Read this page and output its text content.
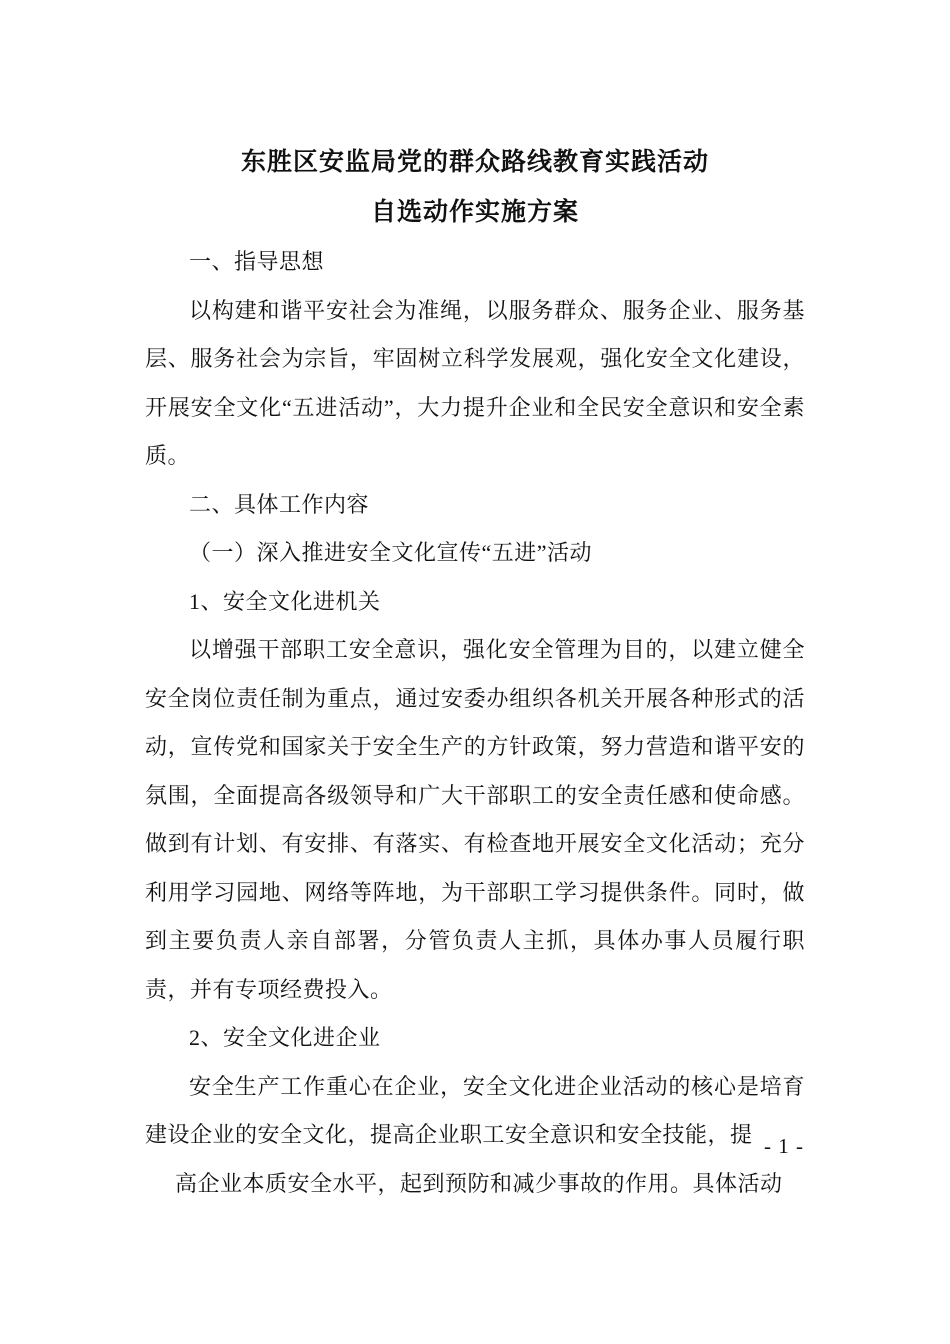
东胜区安监局党的群众路线教育实践活动
自选动作实施方案
一、指导思想
以构建和谐平安社会为准绳，以服务群众、服务企业、服务基层、服务社会为宗旨，牢固树立科学发展观，强化安全文化建设，开展安全文化“五进活动”，大力提升企业和全民安全意识和安全素质。
二、具体工作内容
（一）深入推进安全文化宣传“五进”活动
1、安全文化进机关
以增强干部职工安全意识，强化安全管理为目的，以建立健全安全岗位责任制为重点，通过安委办组织各机关开展各种形式的活动，宣传党和国家关于安全生产的方针政策，努力营造和谐平安的氛围，全面提高各级领导和广大干部职工的安全责任感和使命感。做到有计划、有安排、有落实、有检查地开展安全文化活动；充分利用学习园地、网络等阵地，为干部职工学习提供条件。同时，做到主要负责人亲自部署，分管负责人主抓，具体办事人员履行职责，并有专项经费投入。
2、安全文化进企业
安全生产工作重心在企业，安全文化进企业活动的核心是培育建设企业的安全文化，提高企业职工安全意识和安全技能，提
高企业本质安全水平，起到预防和减少事故的作用。具体活动
- 1 -
